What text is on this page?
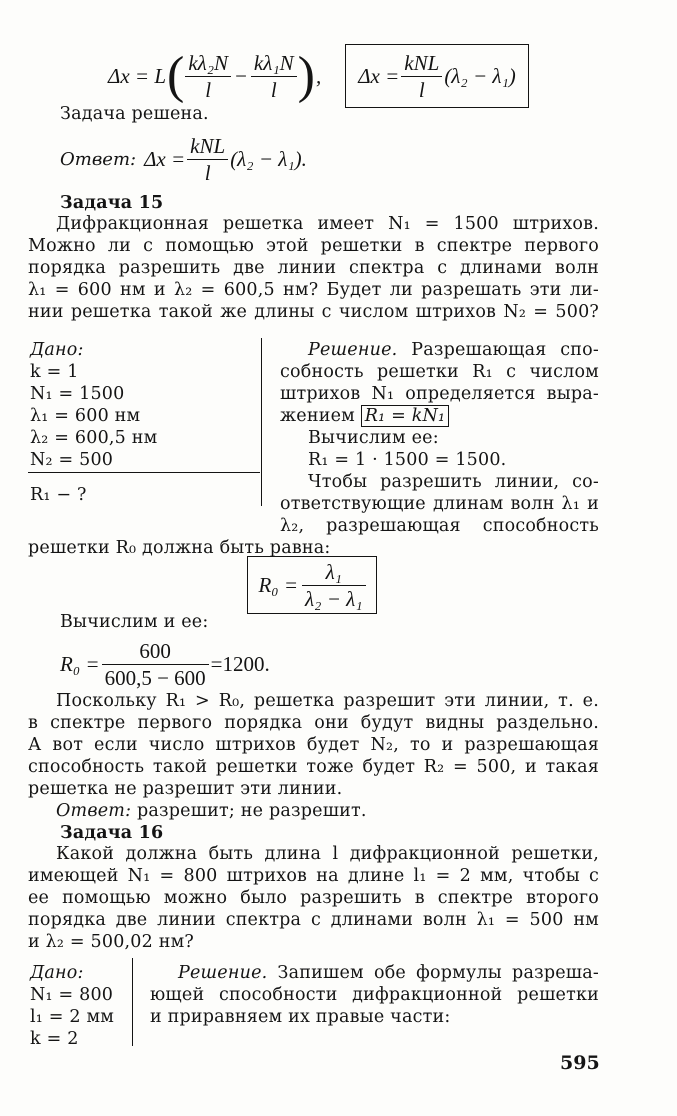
Δx = L ( $\frac{\text{kλ₂N}}{l} - \frac{\text{kλ₁N}}{l}$ ) , $\Delta x = \frac{\text{kNL}}{l} (\lambda_2 - \lambda_1)$
Задача решена.
Ответ: $\Delta x = \frac{\text{kNL}}{l} (\lambda_2 - \lambda_1)$.
Задача 15
Дифракционная решетка имеет N₁ = 1500 штрихов.
Можно ли с помощью этой решетки в спектре первого
порядка разрешить две линии спектра с длинами волн
λ₁ = 600 нм и λ₂ = 600,5 нм? Будет ли разрешать эти ли-
нии решетка такой же длины с числом штрихов N₂ = 500?
Дано:
k = 1
N₁ = 1500
λ₁ = 600 нм
λ₂ = 600,5 нм
N₂ = 500
R₁ − ?
Решение. Разрешающая спо-
собность решетки R₁ с числом
штрихов N₁ определяется выра-
жением R₁ = kN₁
Вычислим ее:
R₁ = 1 · 1500 = 1500.
Чтобы разрешить линии, со-
ответствующие длинам волн λ₁ и
λ₂, разрешающая способность
решетки R₀ должна быть равна:
$R_0 = \frac{\text{λ₁}}{\text{λ₂ − λ₁}}$
Вычислим и ее:
$R_0 = \frac{600}{600,5 - 600} =1200$.
Поскольку R₁ > R₀, решетка разрешит эти линии, т. е.
в спектре первого порядка они будут видны раздельно.
А вот если число штрихов будет N₂, то и разрешающая
способность такой решетки тоже будет R₂ = 500, и такая
решетка не разрешит эти линии.
Ответ: разрешит; не разрешит.
Задача 16
Какой должна быть длина l дифракционной решетки,
имеющей N₁ = 800 штрихов на длине l₁ = 2 мм, чтобы с
ее помощью можно было разрешить в спектре второго
порядка две линии спектра с длинами волн λ₁ = 500 нм
и λ₂ = 500,02 нм?
Дано:
N₁ = 800
l₁ = 2 мм
k = 2
Решение. Запишем обе формулы разреша-
ющей способности дифракционной решетки
и приравняем их правые части:
595
